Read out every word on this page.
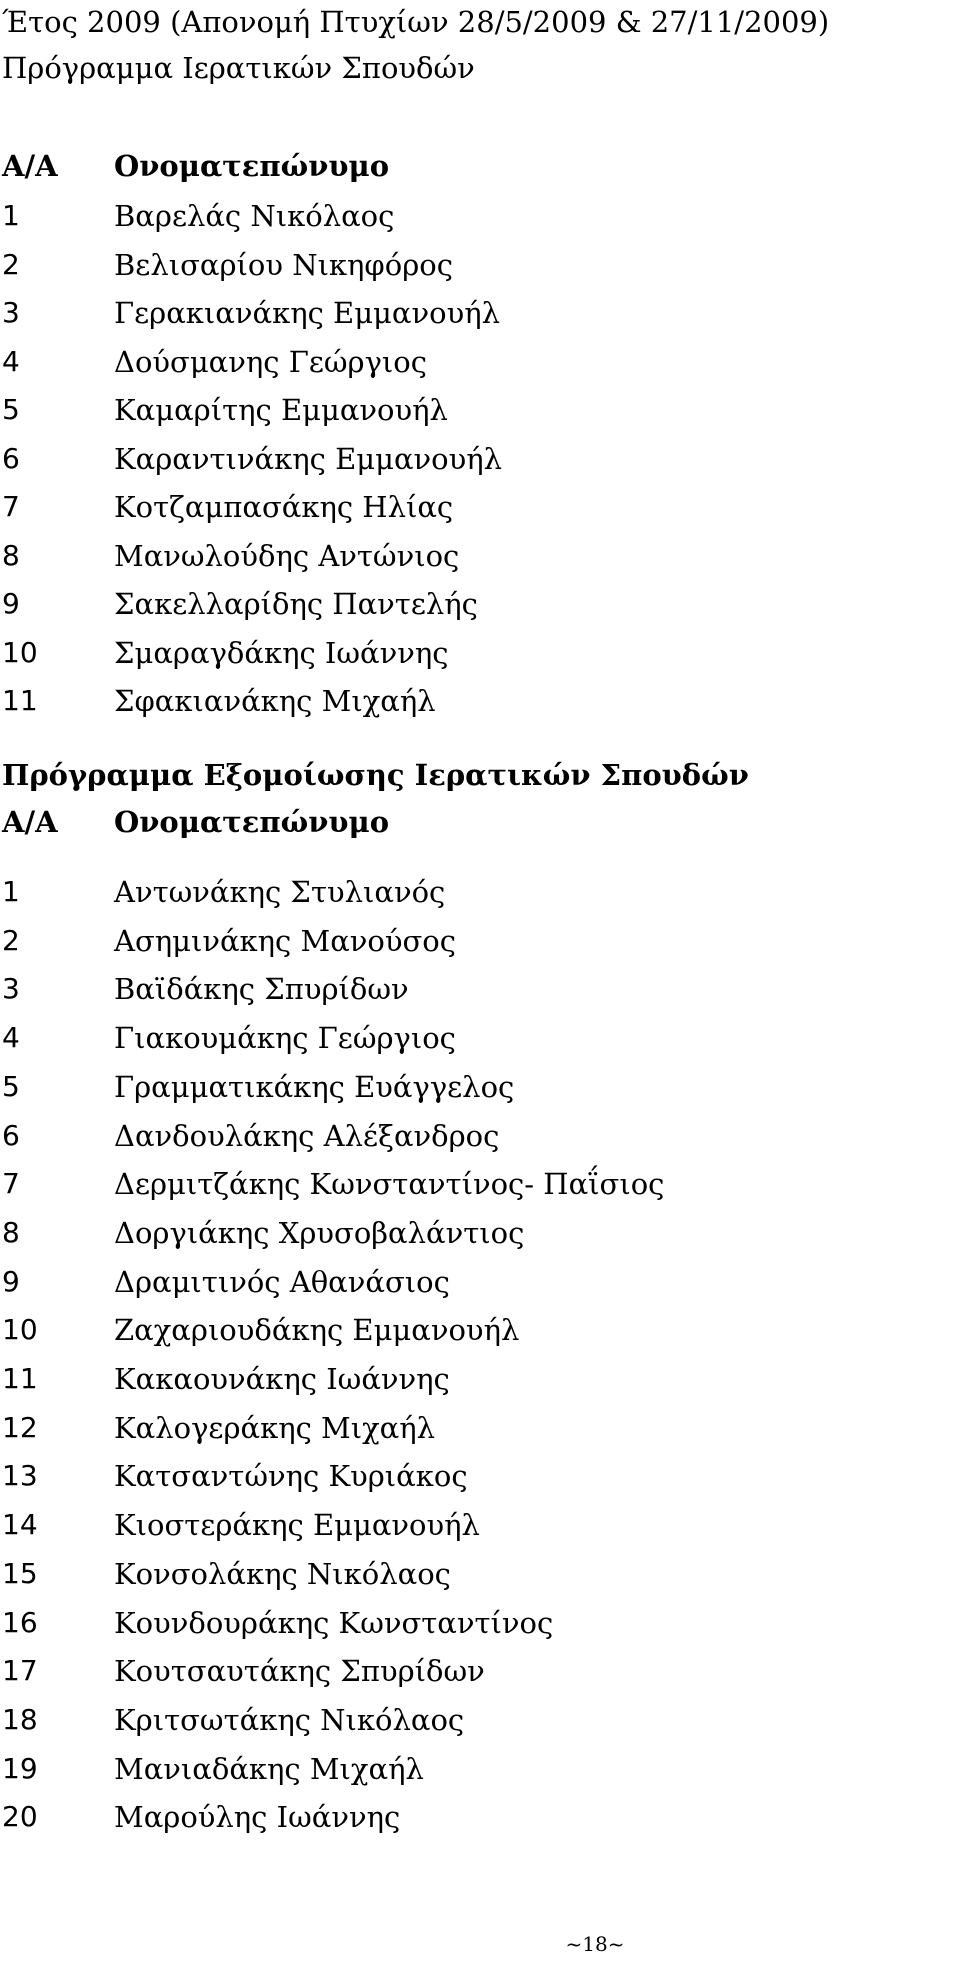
Έτος 2009 (Απονομή Πτυχίων 28/5/2009 & 27/11/2009)

Πρόγραμμα Ιερατικών Σπουδών

Α/Α	Ονοματεπώνυμο
1	Βαρελάς Νικόλαος
2	Βελισαρίου Νικηφόρος
3	Γερακιανάκης Εμμανουήλ
4	Δούσμανης Γεώργιος
5	Καμαρίτης Εμμανουήλ
6	Καραντινάκης Εμμανουήλ
7	Κοτζαμπασάκης Ηλίας
8	Μανωλούδης Αντώνιος
9	Σακελλαρίδης Παντελής
10	Σμαραγδάκης Ιωάννης
11	Σφακιανάκης Μιχαήλ

Πρόγραμμα Εξομοίωσης Ιερατικών Σπουδών

Α/Α	Ονοματεπώνυμο
1	Αντωνάκης Στυλιανός
2	Ασημινάκης Μανούσος
3	Βαϊδάκης Σπυρίδων
4	Γιακουμάκης Γεώργιος
5	Γραμματικάκης Ευάγγελος
6	Δανδουλάκης Αλέξανδρος
7	Δερμιτζάκης Κωνσταντίνος- Παΐσιος
8	Δοργιάκης Χρυσοβαλάντιος
9	Δραμιτινός Αθανάσιος
10	Ζαχαριουδάκης Εμμανουήλ
11	Κακαουνάκης Ιωάννης
12	Καλογεράκης Μιχαήλ
13	Κατσαντώνης Κυριάκος
14	Κιοστεράκης Εμμανουήλ
15	Κονσολάκης Νικόλαος
16	Κουνδουράκης Κωνσταντίνος
17	Κουτσαυτάκης Σπυρίδων
18	Κριτσωτάκης Νικόλαος
19	Μανιαδάκης Μιχαήλ
20	Μαρούλης Ιωάννης
~18~
